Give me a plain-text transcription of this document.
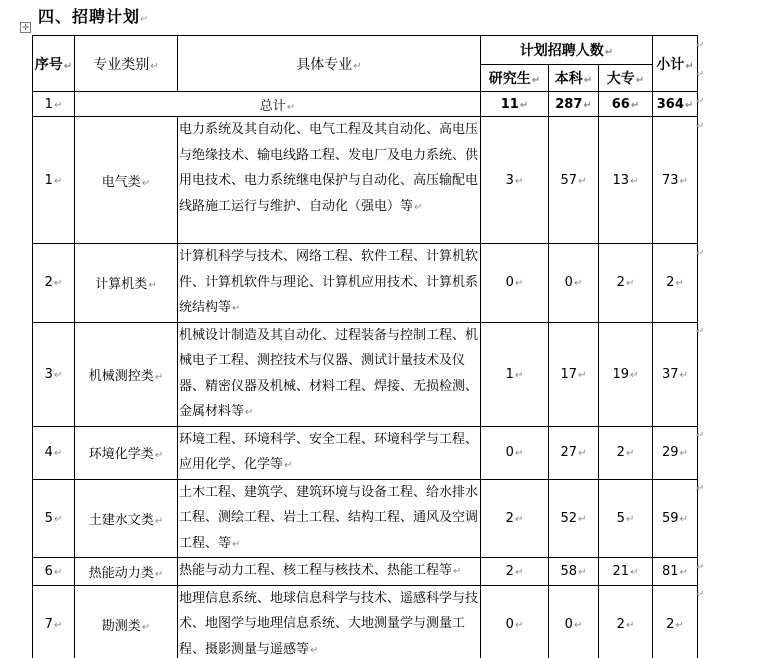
四、招聘计划↵
✛
序号↵	专业类别↵	具体专业↵	计划招聘人数↵			小计↵
			研究生↵	本科↵	大专↵	
1↵	总计↵		11↵	287↵	66↵	364↵
1↵	电气类↵	电力系统及其自动化、电气工程及其自动化、高电压与绝缘技术、输电线路工程、发电厂及电力系统、供用电技术、电力系统继电保护与自动化、高压输配电线路施工运行与维护、自动化（强电）等↵	3↵	57↵	13↵	73↵
2↵	计算机类↵	计算机科学与技术、网络工程、软件工程、计算机软件、计算机软件与理论、计算机应用技术、计算机系统结构等↵	0↵	0↵	2↵	2↵
3↵	机械测控类↵	机械设计制造及其自动化、过程装备与控制工程、机械电子工程、测控技术与仪器、测试计量技术及仪器、精密仪器及机械、材料工程、焊接、无损检测、金属材料等↵	1↵	17↵	19↵	37↵
4↵	环境化学类↵	环境工程、环境科学、安全工程、环境科学与工程、应用化学、化学等↵	0↵	27↵	2↵	29↵
5↵	土建水文类↵	土木工程、建筑学、建筑环境与设备工程、给水排水工程、测绘工程、岩土工程、结构工程、通风及空调工程、等↵	2↵	52↵	5↵	59↵
6↵	热能动力类↵	热能与动力工程、核工程与核技术、热能工程等↵	2↵	58↵	21↵	81↵
7↵	勘测类↵	地理信息系统、地球信息科学与技术、遥感科学与技术、地图学与地理信息系统、大地测量学与测量工程、摄影测量与遥感等↵	0↵	0↵	2↵	2↵
↵
↵
↵
↵
↵
↵
↵
↵
↵
↵
